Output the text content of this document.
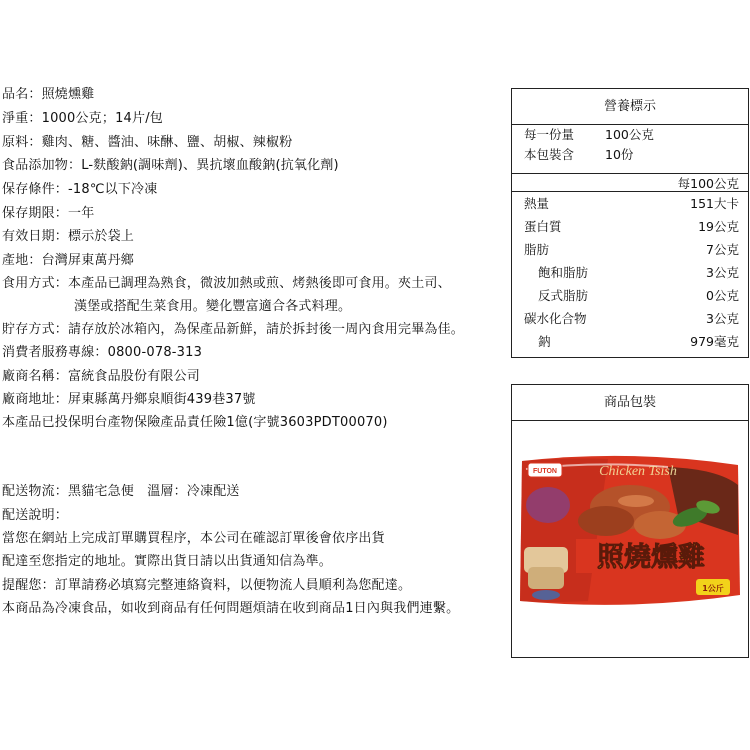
品名：照燒燻雞
淨重：1000公克；14片/包
原料：雞肉、糖、醬油、味醂、鹽、胡椒、辣椒粉
食品添加物：L-麩酸鈉(調味劑)、異抗壞血酸鈉(抗氧化劑)
保存條件：-18℃以下冷凍
保存期限：一年
有效日期：標示於袋上
產地：台灣屏東萬丹鄉
食用方式：本產品已調理為熟食，微波加熱或煎、烤熱後即可食用。夾土司、
漢堡或搭配生菜食用。變化豐富適合各式料理。
貯存方式：請存放於冰箱內，為保產品新鮮，請於拆封後一周內食用完畢為佳。
消費者服務專線：0800-078-313
廠商名稱：富統食品股份有限公司
廠商地址：屏東縣萬丹鄉泉順街439巷37號
本產品已投保明台產物保險產品責任險1億(字號3603PDT00070)
配送物流：黑貓宅急便　溫層：冷凍配送
配送說明：
當您在網站上完成訂單購買程序，本公司在確認訂單後會依序出貨
配達至您指定的地址。實際出貨日請以出貨通知信為準。
提醒您：訂單請務必填寫完整連絡資料，以便物流人員順利為您配達。
本商品為冷凍食品，如收到商品有任何問題煩請在收到商品1日內與我們連繫。
營養標示
每一份量 100公克
本包裝含 10份
每100公克
熱量	151大卡
蛋白質	19公克
脂肪	7公克
飽和脂肪	3公克
反式脂肪	0公克
碳水化合物	3公克
鈉	979毫克
商品包裝
FUTON	Chicken Tsish
照燒燻雞
1公斤
